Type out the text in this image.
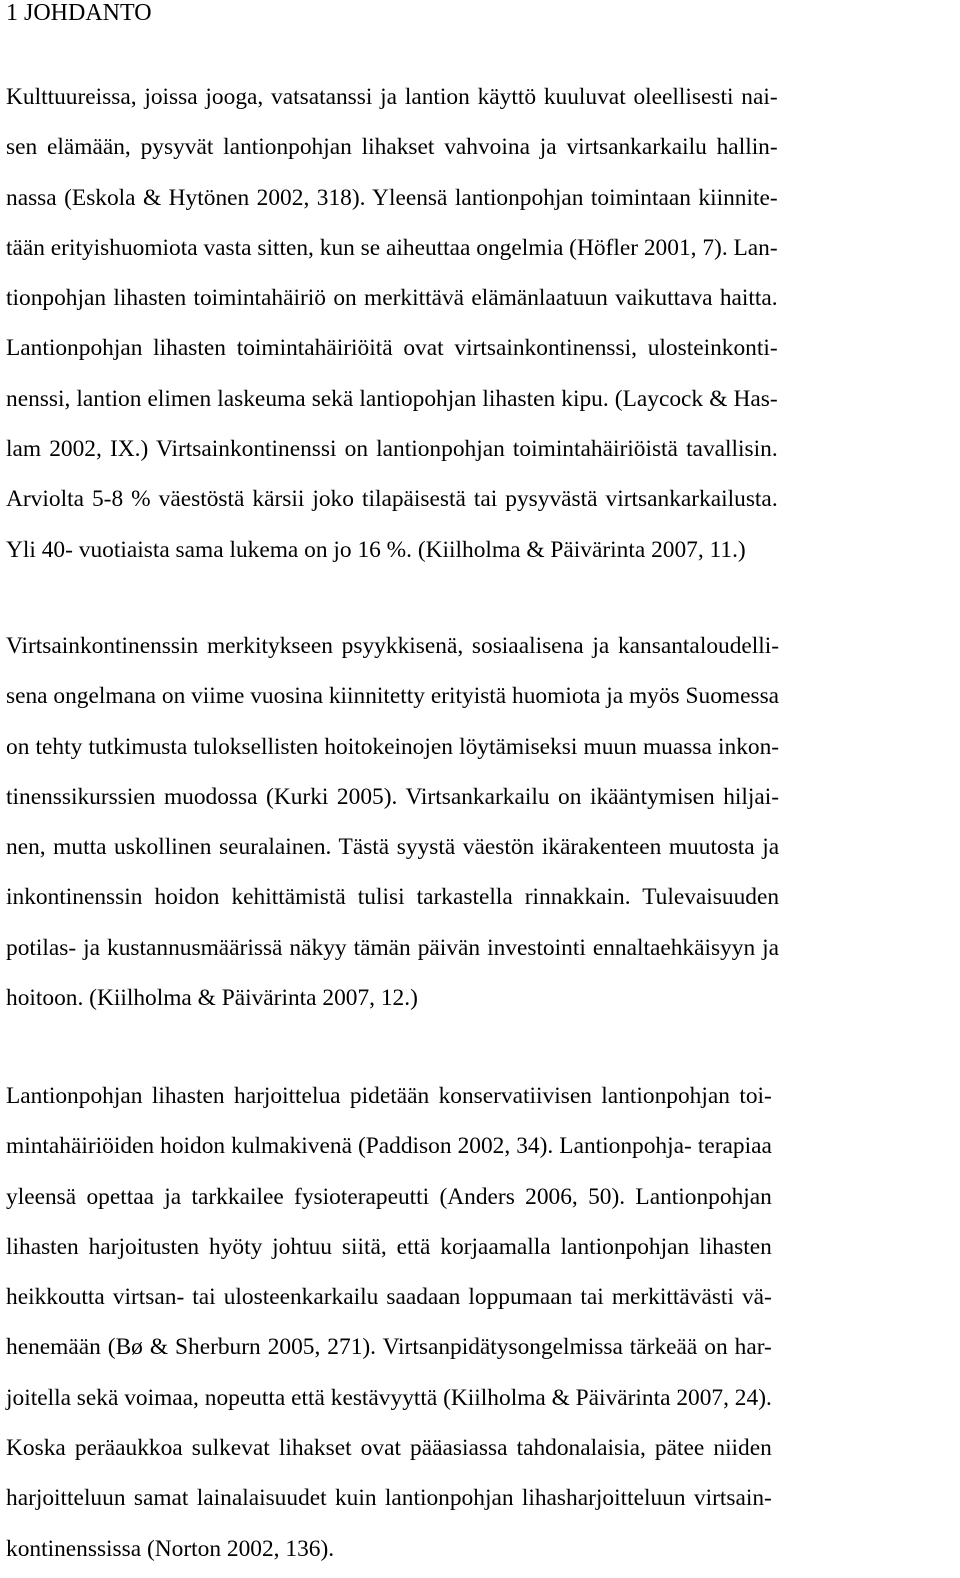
1 JOHDANTO
Kulttuureissa, joissa jooga, vatsatanssi ja lantion käyttö kuuluvat oleellisesti nai-
sen elämään, pysyvät lantionpohjan lihakset vahvoina ja virtsankarkailu hallin-
nassa (Eskola & Hytönen 2002, 318). Yleensä lantionpohjan toimintaan kiinnite-
tään erityishuomiota vasta sitten, kun se aiheuttaa ongelmia (Höfler 2001, 7). Lan-
tionpohjan lihasten toimintahäiriö on merkittävä elämänlaatuun vaikuttava haitta.
Lantionpohjan lihasten toimintahäiriöitä ovat virtsainkontinenssi, ulosteinkonti-
nenssi, lantion elimen laskeuma sekä lantiopohjan lihasten kipu. (Laycock & Has-
lam 2002, IX.) Virtsainkontinenssi on lantionpohjan toimintahäiriöistä tavallisin.
Arviolta 5-8 % väestöstä kärsii joko tilapäisestä tai pysyvästä virtsankarkailusta.
Yli 40- vuotiaista sama lukema on jo 16 %. (Kiilholma & Päivärinta 2007, 11.)
Virtsainkontinenssin merkitykseen psyykkisenä, sosiaalisena ja kansantaloudelli-
sena ongelmana on viime vuosina kiinnitetty erityistä huomiota ja myös Suomessa
on tehty tutkimusta tuloksellisten hoitokeinojen löytämiseksi muun muassa inkon-
tinenssikurssien muodossa (Kurki 2005). Virtsankarkailu on ikääntymisen hiljai-
nen, mutta uskollinen seuralainen. Tästä syystä väestön ikärakenteen muutosta ja
inkontinenssin hoidon kehittämistä tulisi tarkastella rinnakkain. Tulevaisuuden
potilas- ja kustannusmäärissä näkyy tämän päivän investointi ennaltaehkäisyyn ja
hoitoon. (Kiilholma & Päivärinta 2007, 12.)
Lantionpohjan lihasten harjoittelua pidetään konservatiivisen lantionpohjan toi-
mintahäiriöiden hoidon kulmakivenä (Paddison 2002, 34). Lantionpohja- terapiaa
yleensä opettaa ja tarkkailee fysioterapeutti (Anders 2006, 50). Lantionpohjan
lihasten harjoitusten hyöty johtuu siitä, että korjaamalla lantionpohjan lihasten
heikkoutta virtsan- tai ulosteenkarkailu saadaan loppumaan tai merkittävästi vä-
henemään (Bø & Sherburn 2005, 271). Virtsanpidätysongelmissa tärkeää on har-
joitella sekä voimaa, nopeutta että kestävyyttä (Kiilholma & Päivärinta 2007, 24).
Koska peräaukkoa sulkevat lihakset ovat pääasiassa tahdonalaisia, pätee niiden
harjoitteluun samat lainalaisuudet kuin lantionpohjan lihasharjoitteluun virtsain-
kontinenssissa (Norton 2002, 136).
